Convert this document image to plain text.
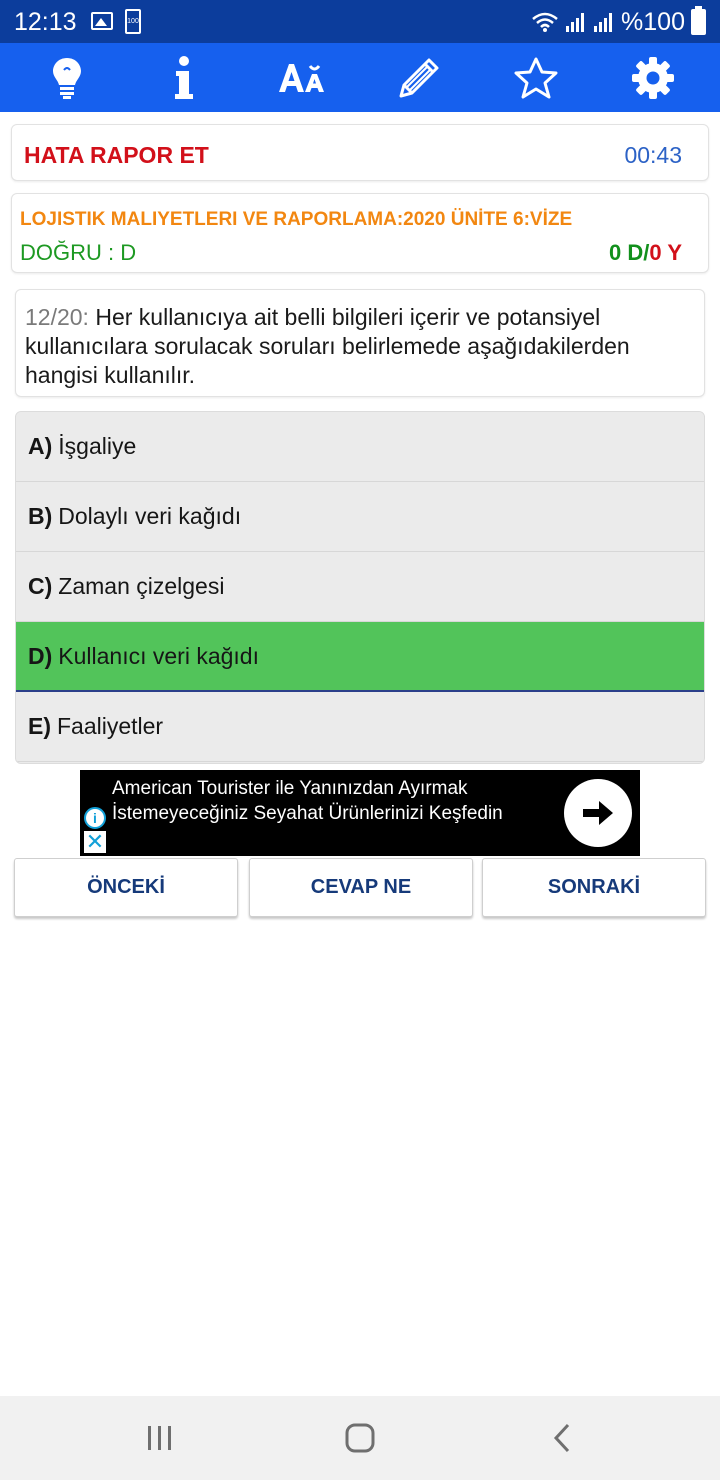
12:13	100	%100
HATA RAPOR ET	00:43
LOJISTIK MALIYETLERI VE RAPORLAMA:2020 ÜNİTE 6:VİZE
DOĞRU : D	0 D/0 Y
12/20: Her kullanıcıya ait belli bilgileri içerir ve potansiyel kullanıcılara sorulacak soruları belirlemede aşağıdakilerden hangisi kullanılır.
A) İşgaliye
B) Dolaylı veri kağıdı
C) Zaman çizelgesi
D) Kullanıcı veri kağıdı
E) Faaliyetler
American Tourister ile Yanınızdan Ayırmak İstemeyeceğiniz Seyahat Ürünlerinizi Keşfedin
i
✕
ÖNCEKİ	CEVAP NE	SONRAKİ
